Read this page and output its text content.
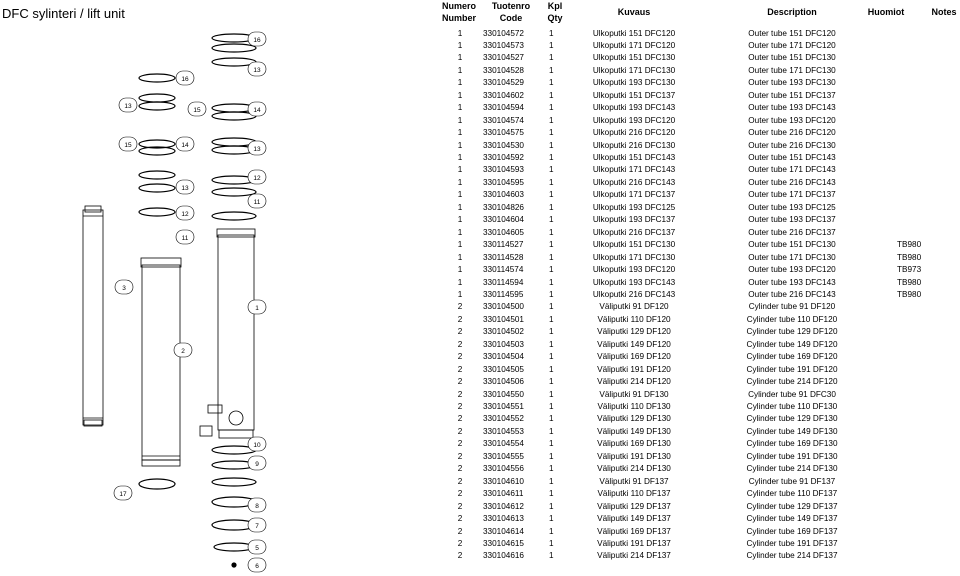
DFC sylinteri / lift unit
1
2
3
10
9
8
7
5
6
17
16
16
13
13
15	14
15	14
13
12
13
11
12
11
Numero
Number
Tuotenro
Code
Kpl
Qty
Kuvaus	Description	Huomiot	Notes
1	330104572	1	Ulkoputki 151 DFC120	Outer tube 151 DFC120
1	330104573	1	Ulkoputki 171 DFC120	Outer tube 171 DFC120
1	330104527	1	Ulkoputki 151 DFC130	Outer tube 151 DFC130
1	330104528	1	Ulkoputki 171 DFC130	Outer tube 171 DFC130
1	330104529	1	Ulkoputki 193 DFC130	Outer tube 193 DFC130
1	330104602	1	Ulkoputki 151 DFC137	Outer tube 151 DFC137
1	330104594	1	Ulkoputki 193 DFC143	Outer tube 193 DFC143
1	330104574	1	Ulkoputki 193 DFC120	Outer tube 193 DFC120
1	330104575	1	Ulkoputki 216 DFC120	Outer tube 216 DFC120
1	330104530	1	Ulkoputki 216 DFC130	Outer tube 216 DFC130
1	330104592	1	Ulkoputki 151 DFC143	Outer tube 151 DFC143
1	330104593	1	Ulkoputki 171 DFC143	Outer tube 171 DFC143
1	330104595	1	Ulkoputki 216 DFC143	Outer tube 216 DFC143
1	330104603	1	Ulkoputki 171 DFC137	Outer tube 171 DFC137
1	330104826	1	Ulkoputki 193 DFC125	Outer tube 193 DFC125
1	330104604	1	Ulkoputki 193 DFC137	Outer tube 193 DFC137
1	330104605	1	Ulkoputki 216 DFC137	Outer tube 216 DFC137
1	330114527	1	Ulkoputki 151 DFC130	Outer tube 151 DFC130	TB980
1	330114528	1	Ulkoputki 171 DFC130	Outer tube 171 DFC130	TB980
1	330114574	1	Ulkoputki 193 DFC120	Outer tube 193 DFC120	TB973
1	330114594	1	Ulkoputki 193 DFC143	Outer tube 193 DFC143	TB980
1	330114595	1	Ulkoputki 216 DFC143	Outer tube 216 DFC143	TB980
2	330104500	1	Väliputki 91 DF120	Cylinder tube 91 DF120
2	330104501	1	Väliputki 110 DF120	Cylinder tube 110 DF120
2	330104502	1	Väliputki 129 DF120	Cylinder tube 129 DF120
2	330104503	1	Väliputki 149 DF120	Cylinder tube 149 DF120
2	330104504	1	Väliputki 169 DF120	Cylinder tube 169 DF120
2	330104505	1	Väliputki 191 DF120	Cylinder tube 191 DF120
2	330104506	1	Väliputki 214 DF120	Cylinder tube 214 DF120
2	330104550	1	Väliputki 91 DF130	Cylinder tube 91 DFC30
2	330104551	1	Väliputki 110 DF130	Cylinder tube 110 DF130
2	330104552	1	Väliputki 129 DF130	Cylinder tube 129 DF130
2	330104553	1	Väliputki 149 DF130	Cylinder tube 149 DF130
2	330104554	1	Väliputki 169 DF130	Cylinder tube 169 DF130
2	330104555	1	Väliputki 191 DF130	Cylinder tube 191 DF130
2	330104556	1	Väliputki 214 DF130	Cylinder tube 214 DF130
2	330104610	1	Väliputki 91 DF137	Cylinder tube 91 DF137
2	330104611	1	Väliputki 110 DF137	Cylinder tube 110 DF137
2	330104612	1	Väliputki 129 DF137	Cylinder tube 129 DF137
2	330104613	1	Väliputki 149 DF137	Cylinder tube 149 DF137
2	330104614	1	Väliputki 169 DF137	Cylinder tube 169 DF137
2	330104615	1	Väliputki 191 DF137	Cylinder tube 191 DF137
2	330104616	1	Väliputki 214 DF137	Cylinder tube 214 DF137
